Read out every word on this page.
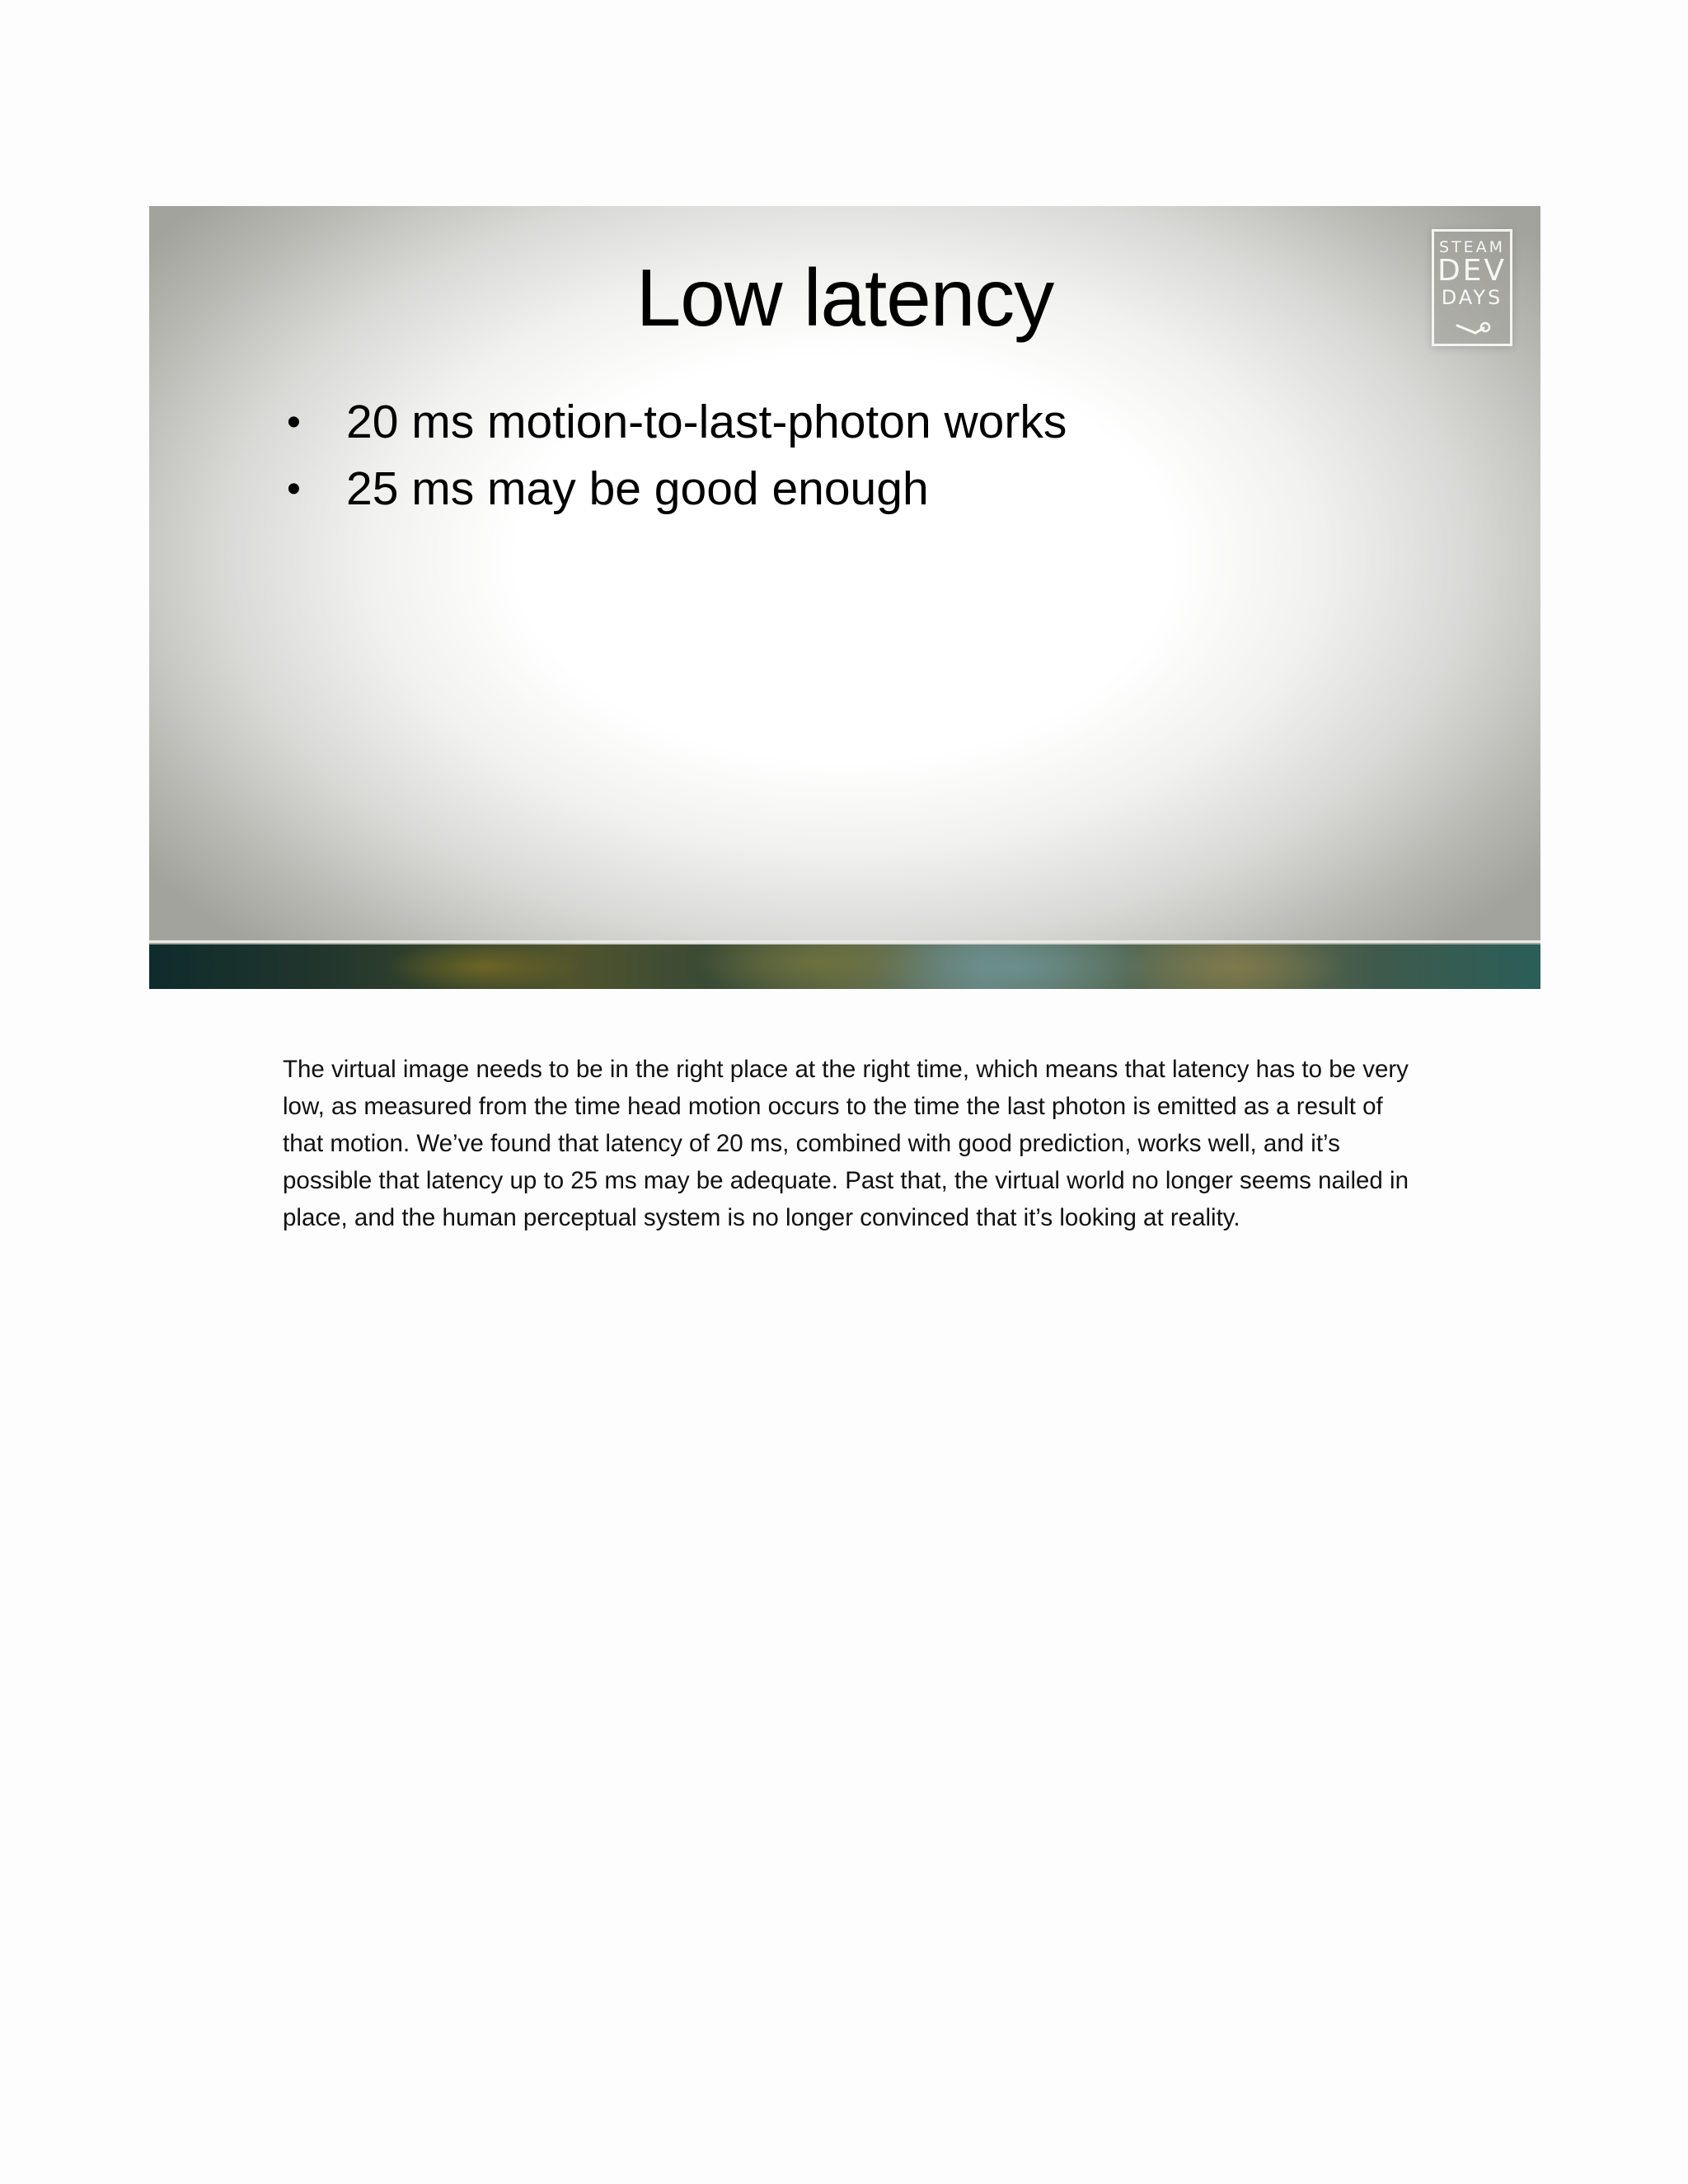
Low latency
• 20 ms motion-to-last-photon works
• 25 ms may be good enough
STEAM
DEV
DAYS

The virtual image needs to be in the right place at the right time, which means that latency has to be very low, as measured from the time head motion occurs to the time the last photon is emitted as a result of that motion. We’ve found that latency of 20 ms, combined with good prediction, works well, and it’s possible that latency up to 25 ms may be adequate. Past that, the virtual world no longer seems nailed in place, and the human perceptual system is no longer convinced that it’s looking at reality.
